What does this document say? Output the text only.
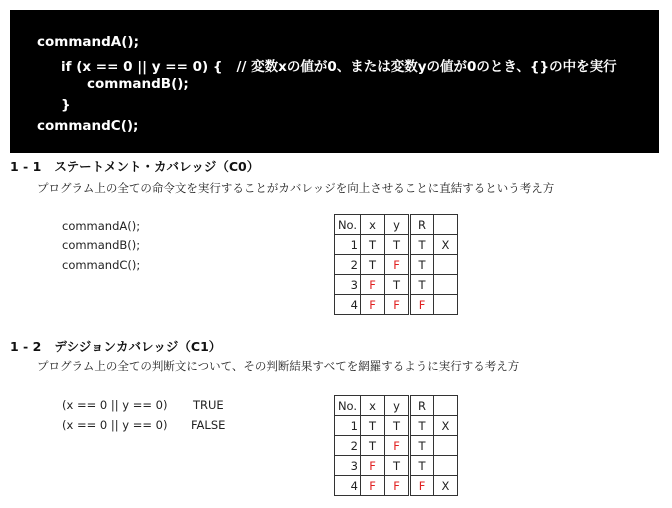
commandA();
if (x == 0 || y == 0) {   // 変数xの値が0、または変数yの値が0のとき、{}の中を実行
commandB();
}
commandC();
1 - 1   ステートメント・カバレッジ（C0）
プログラム上の全ての命令文を実行することがカバレッジを向上させることに直結するという考え方
commandA();
commandB();
commandC();
No.	x	y	R	
1	T	T	T	X
2	T	F	T	
3	F	T	T	
4	F	F	F	
1 - 2   デシジョンカバレッジ（C1）
プログラム上の全ての判断文について、その判断結果すべてを網羅するように実行する考え方
(x == 0 || y == 0) TRUE
(x == 0 || y == 0) FALSE
No.	x	y	R	
1	T	T	T	X
2	T	F	T	
3	F	T	T	
4	F	F	F	X
